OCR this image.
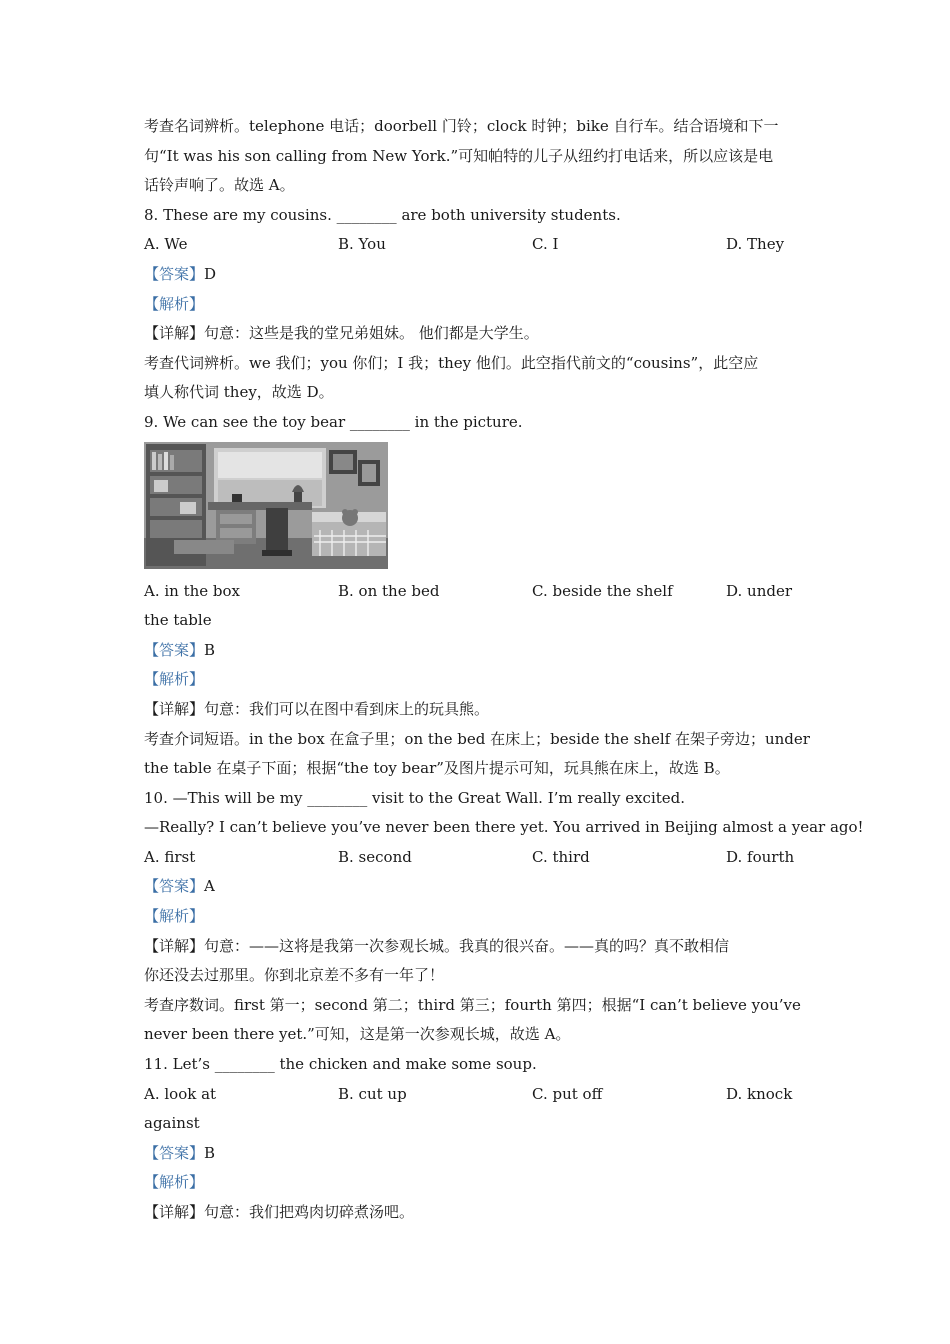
考查名词辨析。telephone 电话；doorbell 门铃；clock 时钟；bike 自行车。结合语境和下一
句“It was his son calling from New York.”可知帕特的儿子从纽约打电话来，所以应该是电
话铃声响了。故选 A。
8. These are my cousins. ________ are both university students.
A. We	B. You	C. I	D. They
【答案】D
【解析】
【详解】句意：这些是我的堂兄弟姐妹。 他们都是大学生。
考查代词辨析。we 我们；you 你们；I 我；they 他们。此空指代前文的“cousins”，此空应
填人称代词 they，故选 D。
9. We can see the toy bear ________ in the picture.
A. in the box	B. on the bed	C. beside the shelf	D. under
the table
【答案】B
【解析】
【详解】句意：我们可以在图中看到床上的玩具熊。
考查介词短语。in the box 在盒子里；on the bed 在床上；beside the shelf 在架子旁边；under
the table 在桌子下面；根据“the toy bear”及图片提示可知，玩具熊在床上，故选 B。
10. —This will be my ________ visit to the Great Wall. I’m really excited.
—Really? I can’t believe you’ve never been there yet. You arrived in Beijing almost a year ago!
A. first	B. second	C. third	D. fourth
【答案】A
【解析】
【详解】句意：——这将是我第一次参观长城。我真的很兴奋。——真的吗？真不敢相信
你还没去过那里。你到北京差不多有一年了！
考查序数词。first 第一；second 第二；third 第三；fourth 第四；根据“I can’t believe you’ve
never been there yet.”可知，这是第一次参观长城，故选 A。
11. Let’s ________ the chicken and make some soup.
A. look at	B. cut up	C. put off	D. knock
against
【答案】B
【解析】
【详解】句意：我们把鸡肉切碎煮汤吧。
